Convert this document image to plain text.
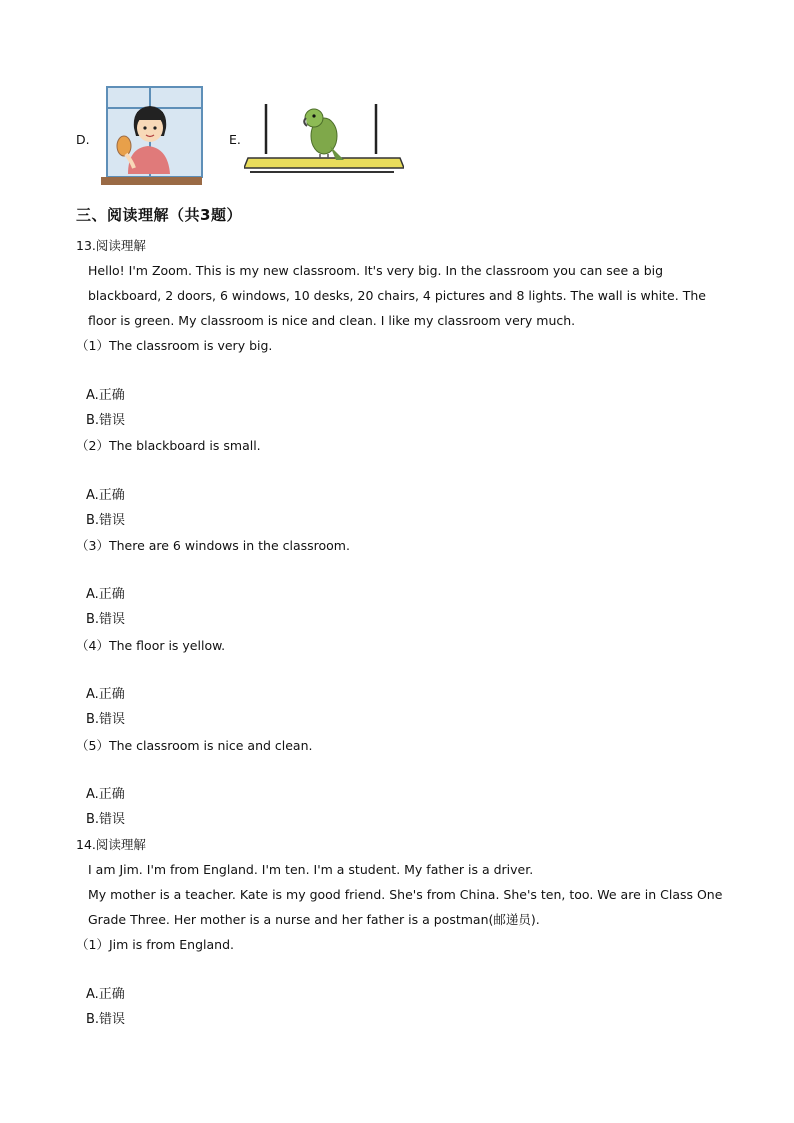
D.	E.
三、阅读理解（共3题）
13.阅读理解

Hello! I'm Zoom. This is my new classroom. It's very big. In the classroom you can see a big blackboard, 2 doors, 6 windows, 10 desks, 20 chairs, 4 pictures and 8 lights. The wall is white. The floor is green. My classroom is nice and clean. I like my classroom very much.

（1）The classroom is very big.
A.正确
B.错误
（2）The blackboard is small.
A.正确
B.错误
（3）There are 6 windows in the classroom.
A.正确
B.错误
（4）The floor is yellow.
A.正确
B.错误
（5）The classroom is nice and clean.
A.正确
B.错误
14.阅读理解

I am Jim. I'm from England. I'm ten. I'm a student. My father is a driver.

My mother is a teacher. Kate is my good friend. She's from China. She's ten, too. We are in Class One Grade Three. Her mother is a nurse and her father is a postman(邮递员).

（1）Jim is from England.
A.正确
B.错误
